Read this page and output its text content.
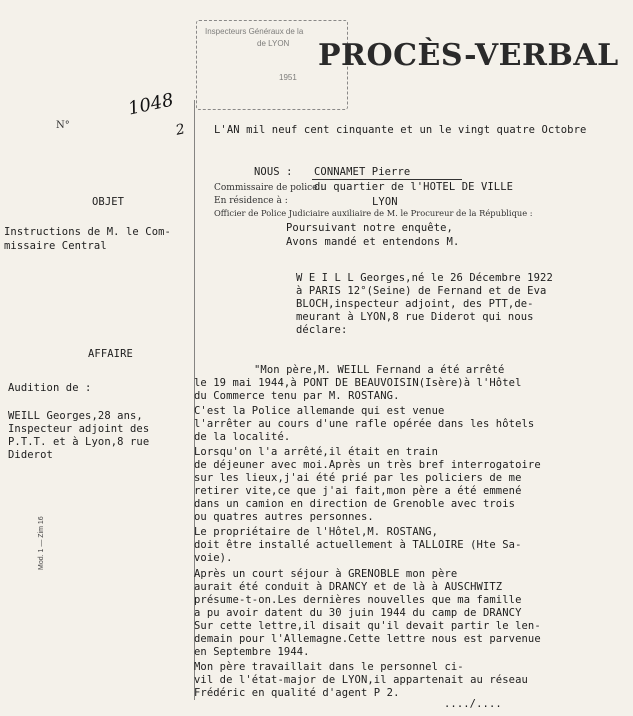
Inspecteurs Généraux de la
de LYON
1951
PROCÈS-VERBAL
1048
2
N°	L'AN mil neuf cent cinquante et un le vingt quatre Octobre
NOUS : CONNAMET Pierre
Commissaire de police :
du quartier de l'HOTEL DE VILLE
En résidence à :	LYON
Officier de Police Judiciaire auxiliaire de M. le Procureur de la République :
OBJET
Instructions de M. le Com-
missaire Central
AFFAIRE
Audition de :
WEILL Georges,28 ans,
Inspecteur adjoint des
P.T.T. et à Lyon,8 rue
Diderot
Mod. 1 — Zim 16
Poursuivant notre enquête,
Avons mandé et entendons M.
W E I L L Georges,né le 26 Décembre 1922
à PARIS 12°(Seine) de Fernand et de Eva
BLOCH,inspecteur adjoint, des PTT,de-
meurant à LYON,8 rue Diderot qui nous
déclare:
"Mon père,M. WEILL Fernand a été arrêté
le 19 mai 1944,à PONT DE BEAUVOISIN(Isère)à l'Hôtel
du Commerce tenu par M. ROSTANG.
C'est la Police allemande qui est venue
l'arrêter au cours d'une rafle opérée dans les hôtels
de la localité.
Lorsqu'on l'a arrêté,il était en train
de déjeuner avec moi.Après un très bref interrogatoire
sur les lieux,j'ai été prié par les policiers de me
retirer vite,ce que j'ai fait,mon père a été emmené
dans un camion en direction de Grenoble avec trois
ou quatres autres personnes.
Le propriétaire de l'Hôtel,M. ROSTANG,
doit être installé actuellement à TALLOIRE (Hte Sa-
voie).
Après un court séjour à GRENOBLE mon père
aurait été conduit à DRANCY et de là à AUSCHWITZ
présume-t-on.Les dernières nouvelles que ma famille
a pu avoir datent du 30 juin 1944 du camp de DRANCY
Sur cette lettre,il disait qu'il devait partir le len-
demain pour l'Allemagne.Cette lettre nous est parvenue
en Septembre 1944.
Mon père travaillait dans le personnel ci-
vil de l'état-major de LYON,il appartenait au réseau
Frédéric en qualité d'agent P 2.
..../....
